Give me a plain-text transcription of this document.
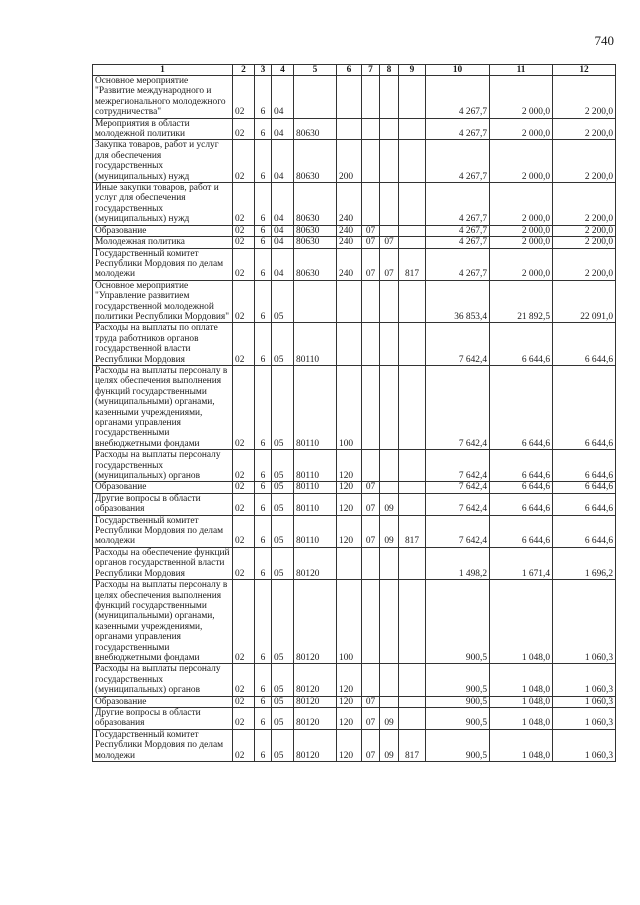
740
1	2	3	4	5	6	7	8	9	10	11	12
Основное мероприятие "Развитие международного и межрегионального молодежного сотрудничества"	02	6	04						4 267,7	2 000,0	2 200,0
Мероприятия в области молодежной политики	02	6	04	80630					4 267,7	2 000,0	2 200,0
Закупка товаров, работ и услуг для обеспечения государственных (муниципальных) нужд	02	6	04	80630	200				4 267,7	2 000,0	2 200,0
Иные закупки товаров, работ и услуг для обеспечения государственных (муниципальных) нужд	02	6	04	80630	240				4 267,7	2 000,0	2 200,0
Образование	02	6	04	80630	240	07			4 267,7	2 000,0	2 200,0
Молодежная политика	02	6	04	80630	240	07	07		4 267,7	2 000,0	2 200,0
Государственный комитет Республики Мордовия по делам молодежи	02	6	04	80630	240	07	07	817	4 267,7	2 000,0	2 200,0
Основное мероприятие "Управление развитием государственной молодежной политики Республики Мордовия"	02	6	05						36 853,4	21 892,5	22 091,0
Расходы на выплаты по оплате труда работников органов государственной власти Республики Мордовия	02	6	05	80110					7 642,4	6 644,6	6 644,6
Расходы на выплаты персоналу в целях обеспечения выполнения функций государственными (муниципальными) органами, казенными учреждениями, органами управления государственными внебюджетными фондами	02	6	05	80110	100				7 642,4	6 644,6	6 644,6
Расходы на выплаты персоналу государственных (муниципальных) органов	02	6	05	80110	120				7 642,4	6 644,6	6 644,6
Образование	02	6	05	80110	120	07			7 642,4	6 644,6	6 644,6
Другие вопросы в области образования	02	6	05	80110	120	07	09		7 642,4	6 644,6	6 644,6
Государственный комитет Республики Мордовия по делам молодежи	02	6	05	80110	120	07	09	817	7 642,4	6 644,6	6 644,6
Расходы на обеспечение функций органов государственной власти Республики Мордовия	02	6	05	80120					1 498,2	1 671,4	1 696,2
Расходы на выплаты персоналу в целях обеспечения выполнения функций государственными (муниципальными) органами, казенными учреждениями, органами управления государственными внебюджетными фондами	02	6	05	80120	100				900,5	1 048,0	1 060,3
Расходы на выплаты персоналу государственных (муниципальных) органов	02	6	05	80120	120				900,5	1 048,0	1 060,3
Образование	02	6	05	80120	120	07			900,5	1 048,0	1 060,3
Другие вопросы в области образования	02	6	05	80120	120	07	09		900,5	1 048,0	1 060,3
Государственный комитет Республики Мордовия по делам молодежи	02	6	05	80120	120	07	09	817	900,5	1 048,0	1 060,3
